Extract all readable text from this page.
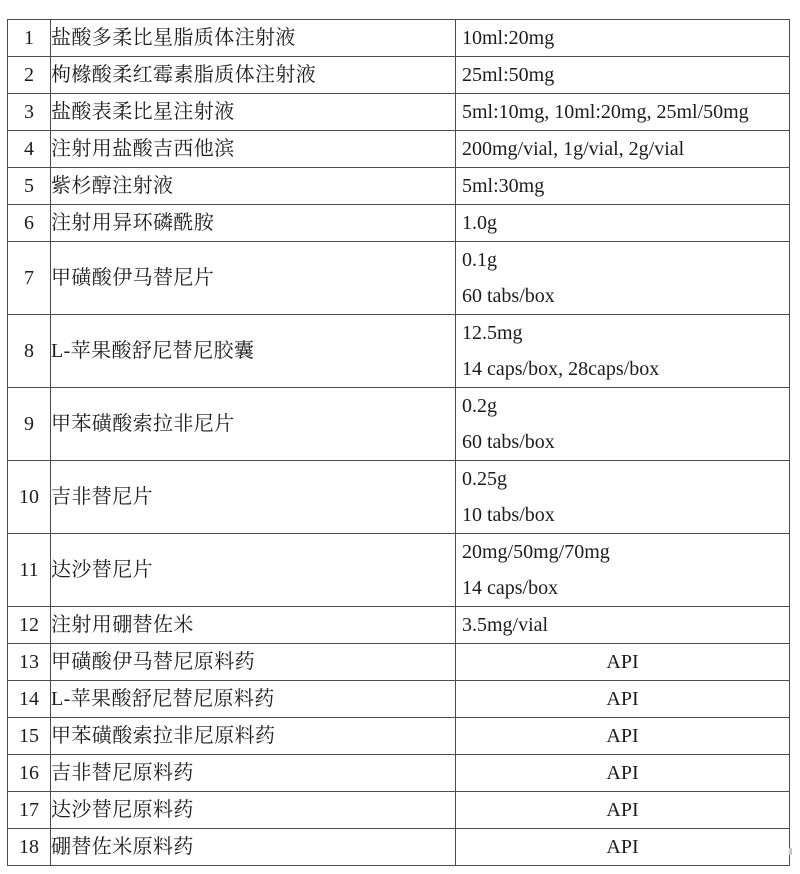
1	盐酸多柔比星脂质体注射液	10ml:20mg

2	枸橼酸柔红霉素脂质体注射液	25ml:50mg

3	盐酸表柔比星注射液	5ml:10mg, 10ml:20mg, 25ml/50mg

4	注射用盐酸吉西他滨	200mg/vial, 1g/vial, 2g/vial

5	紫杉醇注射液	5ml:30mg

6	注射用异环磷酰胺	1.0g

7	甲磺酸伊马替尼片	0.1g
60 tabs/box

8	L-苹果酸舒尼替尼胶囊	12.5mg
14 caps/box, 28caps/box

9	甲苯磺酸索拉非尼片	0.2g
60 tabs/box

10	吉非替尼片	0.25g
10 tabs/box

11	达沙替尼片	20mg/50mg/70mg
14 caps/box

12	注射用硼替佐米	3.5mg/vial

13	甲磺酸伊马替尼原料药	API

14	L-苹果酸舒尼替尼原料药	API

15	甲苯磺酸索拉非尼原料药	API

16	吉非替尼原料药	API

17	达沙替尼原料药	API

18	硼替佐米原料药	API
